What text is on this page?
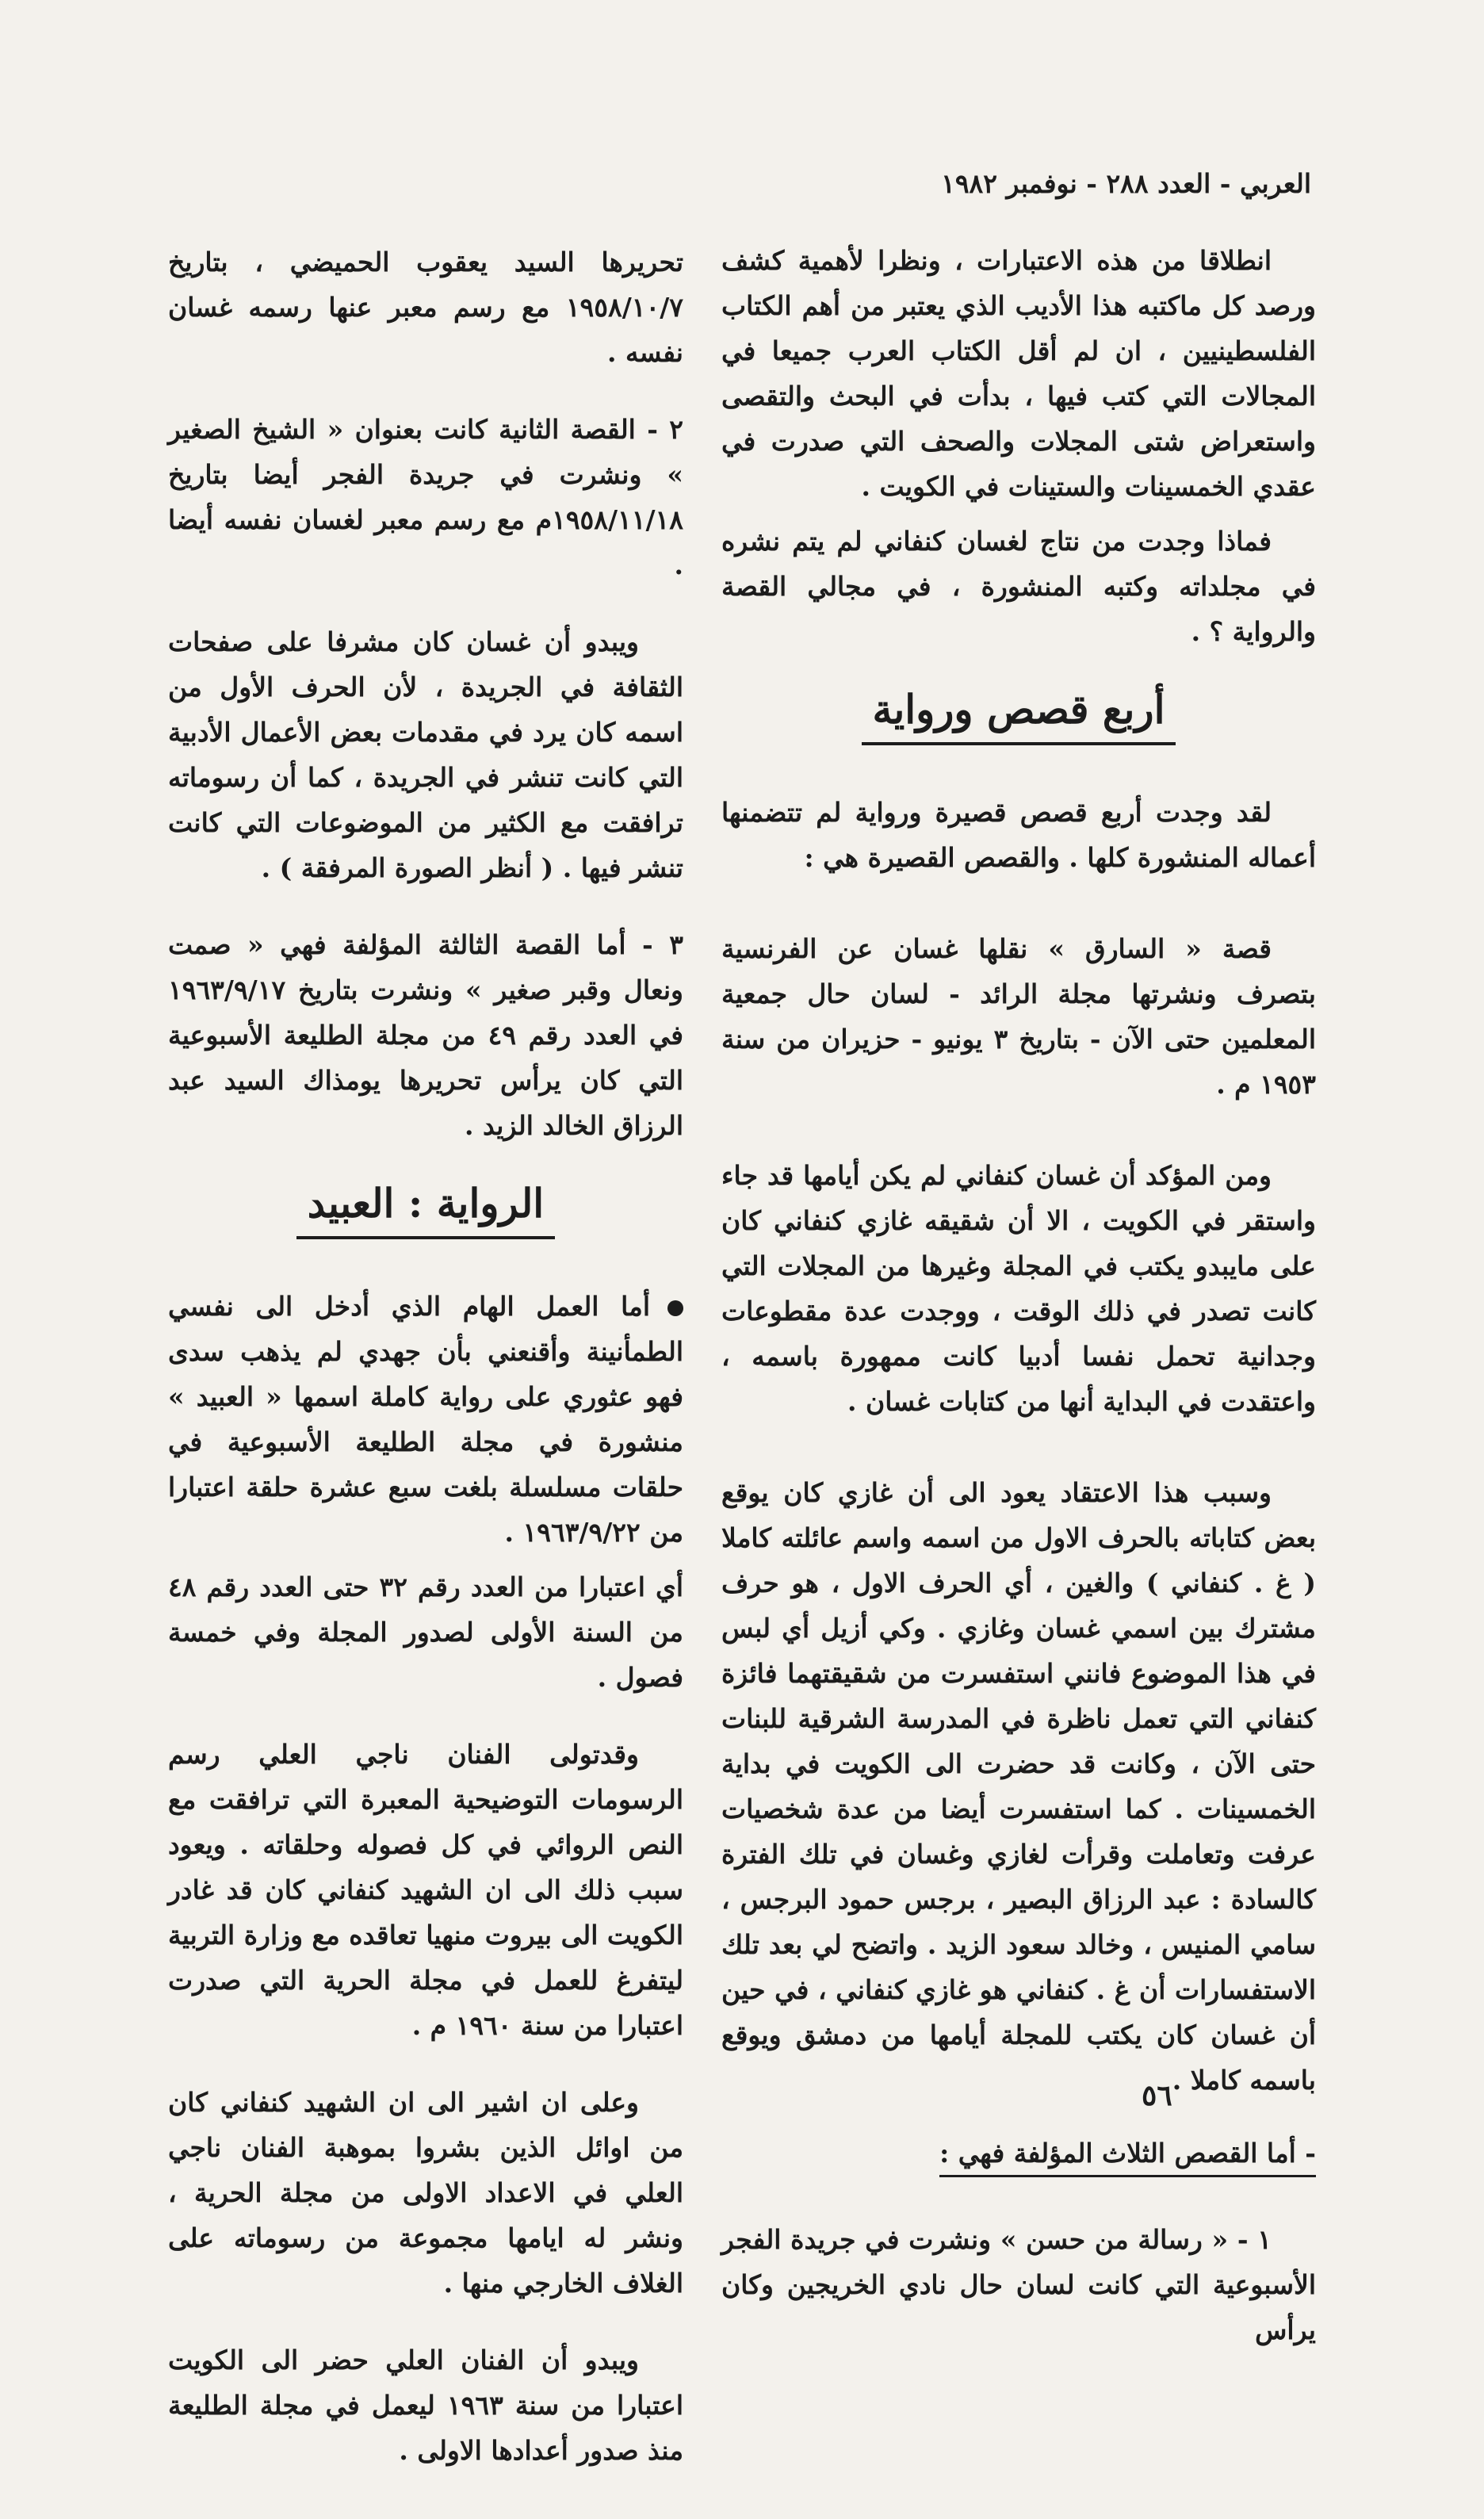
العربي - العدد ٢٨٨ - نوفمبر ١٩٨٢

انطلاقا من هذه الاعتبارات ، ونظرا لأهمية كشف ورصد كل ماكتبه هذا الأديب الذي يعتبر من أهم الكتاب الفلسطينيين ، ان لم أقل الكتاب العرب جميعا في المجالات التي كتب فيها ، بدأت في البحث والتقصى واستعراض شتى المجلات والصحف التي صدرت في عقدي الخمسينات والستينات في الكويت .

فماذا وجدت من نتاج لغسان كنفاني لم يتم نشره في مجلداته وكتبه المنشورة ، في مجالي القصة والرواية ؟ .

أربع قصص ورواية

لقد وجدت أربع قصص قصيرة ورواية لم تتضمنها أعماله المنشورة كلها . والقصص القصيرة هي :

قصة « السارق » نقلها غسان عن الفرنسية بتصرف ونشرتها مجلة الرائد - لسان حال جمعية المعلمين حتى الآن - بتاريخ ٣ يونيو - حزيران من سنة ١٩٥٣ م .

ومن المؤكد أن غسان كنفاني لم يكن أيامها قد جاء واستقر في الكويت ، الا أن شقيقه غازي كنفاني كان على مايبدو يكتب في المجلة وغيرها من المجلات التي كانت تصدر في ذلك الوقت ، ووجدت عدة مقطوعات وجدانية تحمل نفسا أدبيا كانت ممهورة باسمه ، واعتقدت في البداية أنها من كتابات غسان .

وسبب هذا الاعتقاد يعود الى أن غازي كان يوقع بعض كتاباته بالحرف الاول من اسمه واسم عائلته كاملا ( غ . كنفاني ) والغين ، أي الحرف الاول ، هو حرف مشترك بين اسمي غسان وغازي . وكي أزيل أي لبس في هذا الموضوع فانني استفسرت من شقيقتهما فائزة كنفاني التي تعمل ناظرة في المدرسة الشرقية للبنات حتى الآن ، وكانت قد حضرت الى الكويت في بداية الخمسينات . كما استفسرت أيضا من عدة شخصيات عرفت وتعاملت وقرأت لغازي وغسان في تلك الفترة كالسادة : عبد الرزاق البصير ، برجس حمود البرجس ، سامي المنيس ، وخالد سعود الزيد . واتضح لي بعد تلك الاستفسارات أن غ . كنفاني هو غازي كنفاني ، في حين أن غسان كان يكتب للمجلة أيامها من دمشق ويوقع باسمه كاملا .

- أما القصص الثلاث المؤلفة فهي :

١ - « رسالة من حسن » ونشرت في جريدة الفجر الأسبوعية التي كانت لسان حال نادي الخريجين وكان يرأس

تحريرها السيد يعقوب الحميضي ، بتاريخ ١٩٥٨/١٠/٧ مع رسم معبر عنها رسمه غسان نفسه .

٢ - القصة الثانية كانت بعنوان « الشيخ الصغير » ونشرت في جريدة الفجر أيضا بتاريخ ١٩٥٨/١١/١٨م مع رسم معبر لغسان نفسه أيضا .

ويبدو أن غسان كان مشرفا على صفحات الثقافة في الجريدة ، لأن الحرف الأول من اسمه كان يرد في مقدمات بعض الأعمال الأدبية التي كانت تنشر في الجريدة ، كما أن رسوماته ترافقت مع الكثير من الموضوعات التي كانت تنشر فيها . ( أنظر الصورة المرفقة ) .

٣ - أما القصة الثالثة المؤلفة فهي « صمت ونعال وقبر صغير » ونشرت بتاريخ ١٩٦٣/٩/١٧ في العدد رقم ٤٩ من مجلة الطليعة الأسبوعية التي كان يرأس تحريرها يومذاك السيد عبد الرزاق الخالد الزيد .

الرواية : العبيد

أما العمل الهام الذي أدخل الى نفسي الطمأنينة وأقنعني بأن جهدي لم يذهب سدى فهو عثوري على رواية كاملة اسمها « العبيد » منشورة في مجلة الطليعة الأسبوعية في حلقات مسلسلة بلغت سبع عشرة حلقة اعتبارا من ١٩٦٣/٩/٢٢ .

أي اعتبارا من العدد رقم ٣٢ حتى العدد رقم ٤٨ من السنة الأولى لصدور المجلة وفي خمسة فصول .

وقدتولى الفنان ناجي العلي رسم الرسومات التوضيحية المعبرة التي ترافقت مع النص الروائي في كل فصوله وحلقاته . ويعود سبب ذلك الى ان الشهيد كنفاني كان قد غادر الكويت الى بيروت منهيا تعاقده مع وزارة التربية ليتفرغ للعمل في مجلة الحرية التي صدرت اعتبارا من سنة ١٩٦٠ م .

وعلى ان اشير الى ان الشهيد كنفاني كان من اوائل الذين بشروا بموهبة الفنان ناجي العلي في الاعداد الاولى من مجلة الحرية ، ونشر له ايامها مجموعة من رسوماته على الغلاف الخارجي منها .

ويبدو أن الفنان العلي حضر الى الكويت اعتبارا من سنة ١٩٦٣ ليعمل في مجلة الطليعة منذ صدور أعدادها الاولى .

٥٦
